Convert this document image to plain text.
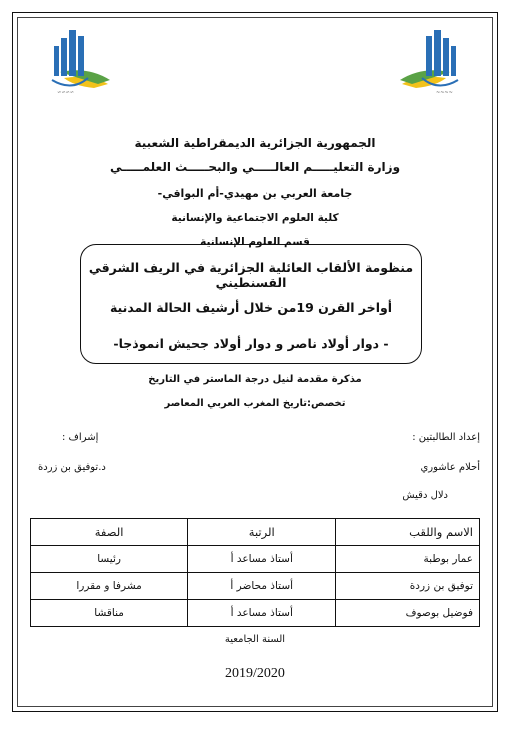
~~~~	~~~~
الجمهورية الجزائرية الديمقراطية الشعبية
وزارة التعليـــــم العالـــــي والبحـــــث العلمـــــي
جامعة العربي بن مهيدي-أم البواقي-
كلية العلوم الاجتماعية والإنسانية
قسم العلوم الإنسانية
منظومة الألقاب العائلية الجزائرية في الريف الشرقي القسنطيني
أواخر القرن 19من خلال أرشيف الحالة المدنية
- دوار أولاد ناصر و دوار أولاد جحيش انموذجا-
مذكرة مقدمة لنيل درجة الماستر في التاريخ
تخصص:تاريخ المغرب العربي المعاصر
إعداد الطالبتين :
أحلام عاشوري
دلال دقيش
إشراف :
د.توفيق بن زردة
الاسم واللقب	الرتبة	الصفة
عمار بوطبة	أستاذ مساعد أ	رئيسا
توفيق بن زردة	أستاذ محاضر أ	مشرفا و مقررا
فوضيل بوصوف	أستاذ مساعد أ	مناقشا
السنة الجامعية
2019/2020
